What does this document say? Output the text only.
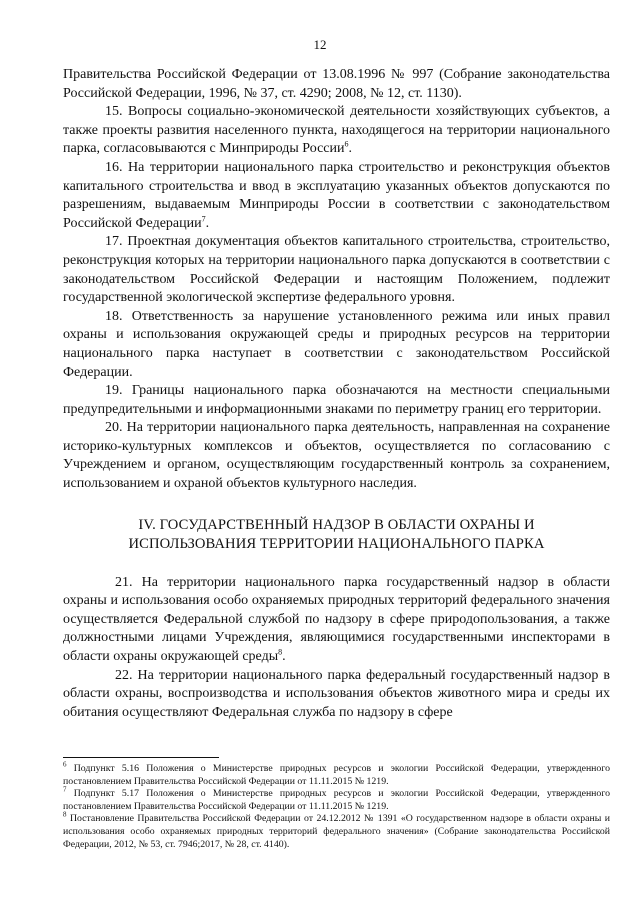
12

Правительства Российской Федерации от 13.08.1996 № 997 (Собрание законодательства Российской Федерации, 1996, № 37, ст. 4290; 2008, № 12, ст. 1130).

15. Вопросы социально-экономической деятельности хозяйствующих субъектов, а также проекты развития населенного пункта, находящегося на территории национального парка, согласовываются с Минприроды России$^6$.

16. На территории национального парка строительство и реконструкция объектов капитального строительства и ввод в эксплуатацию указанных объектов допускаются по разрешениям, выдаваемым Минприроды России в соответствии с законодательством Российской Федерации$^7$.

17. Проектная документация объектов капитального строительства, строительство, реконструкция которых на территории национального парка допускаются в соответствии с законодательством Российской Федерации и настоящим Положением, подлежит государственной экологической экспертизе федерального уровня.

18. Ответственность за нарушение установленного режима или иных правил охраны и использования окружающей среды и природных ресурсов на территории национального парка наступает в соответствии с законодательством Российской Федерации.

19. Границы национального парка обозначаются на местности специальными предупредительными и информационными знаками по периметру границ его территории.

20. На территории национального парка деятельность, направленная на сохранение историко-культурных комплексов и объектов, осуществляется по согласованию с Учреждением и органом, осуществляющим государственный контроль за сохранением, использованием и охраной объектов культурного наследия.

IV. ГОСУДАРСТВЕННЫЙ НАДЗОР В ОБЛАСТИ ОХРАНЫ И
ИСПОЛЬЗОВАНИЯ ТЕРРИТОРИИ НАЦИОНАЛЬНОГО ПАРКА

21. На территории национального парка государственный надзор в области охраны и использования особо охраняемых природных территорий федерального значения осуществляется Федеральной службой по надзору в сфере природопользования, а также должностными лицами Учреждения, являющимися государственными инспекторами в области охраны окружающей среды$^8$.

22. На территории национального парка федеральный государственный надзор в области охраны, воспроизводства и использования объектов животного мира и среды их обитания осуществляют Федеральная служба по надзору в сфере

$^6$ Подпункт 5.16 Положения о Министерстве природных ресурсов и экологии Российской Федерации, утвержденного постановлением Правительства Российской Федерации от 11.11.2015 № 1219.

$^7$ Подпункт 5.17 Положения о Министерстве природных ресурсов и экологии Российской Федерации, утвержденного постановлением Правительства Российской Федерации от 11.11.2015 № 1219.

$^8$ Постановление Правительства Российской Федерации от 24.12.2012 № 1391 «О государственном надзоре в области охраны и использования особо охраняемых природных территорий федерального значения» (Собрание законодательства Российской Федерации, 2012, № 53, ст. 7946;2017, № 28, ст. 4140).
